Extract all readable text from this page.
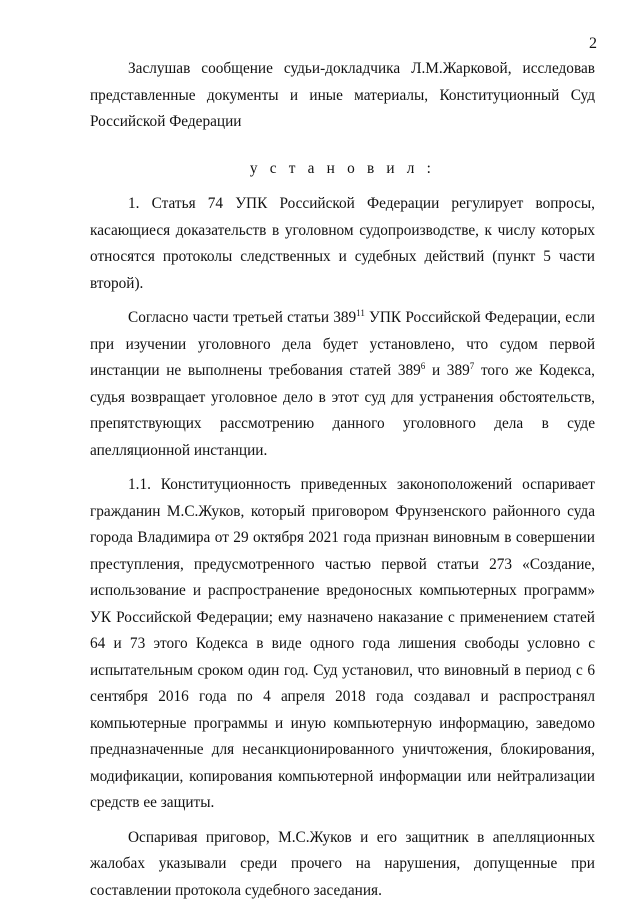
2

Заслушав сообщение судьи-докладчика Л.М.Жарковой, исследовав представленные документы и иные материалы, Конституционный Суд Российской Федерации

у с т а н о в и л :

1. Статья 74 УПК Российской Федерации регулирует вопросы, касающиеся доказательств в уголовном судопроизводстве, к числу которых относятся протоколы следственных и судебных действий (пункт 5 части второй).

Согласно части третьей статьи $389^{11}$ УПК Российской Федерации, если при изучении уголовного дела будет установлено, что судом первой инстанции не выполнены требования статей $389^6$ и $389^7$ того же Кодекса, судья возвращает уголовное дело в этот суд для устранения обстоятельств, препятствующих рассмотрению данного уголовного дела в суде апелляционной инстанции.

1.1. Конституционность приведенных законоположений оспаривает гражданин М.С.Жуков, который приговором Фрунзенского районного суда города Владимира от 29 октября 2021 года признан виновным в совершении преступления, предусмотренного частью первой статьи 273 «Создание, использование и распространение вредоносных компьютерных программ» УК Российской Федерации; ему назначено наказание с применением статей 64 и 73 этого Кодекса в виде одного года лишения свободы условно с испытательным сроком один год. Суд установил, что виновный в период с 6 сентября 2016 года по 4 апреля 2018 года создавал и распространял компьютерные программы и иную компьютерную информацию, заведомо предназначенные для несанкционированного уничтожения, блокирования, модификации, копирования компьютерной информации или нейтрализации средств ее защиты.

Оспаривая приговор, М.С.Жуков и его защитник в апелляционных жалобах указывали среди прочего на нарушения, допущенные при составлении протокола судебного заседания.
